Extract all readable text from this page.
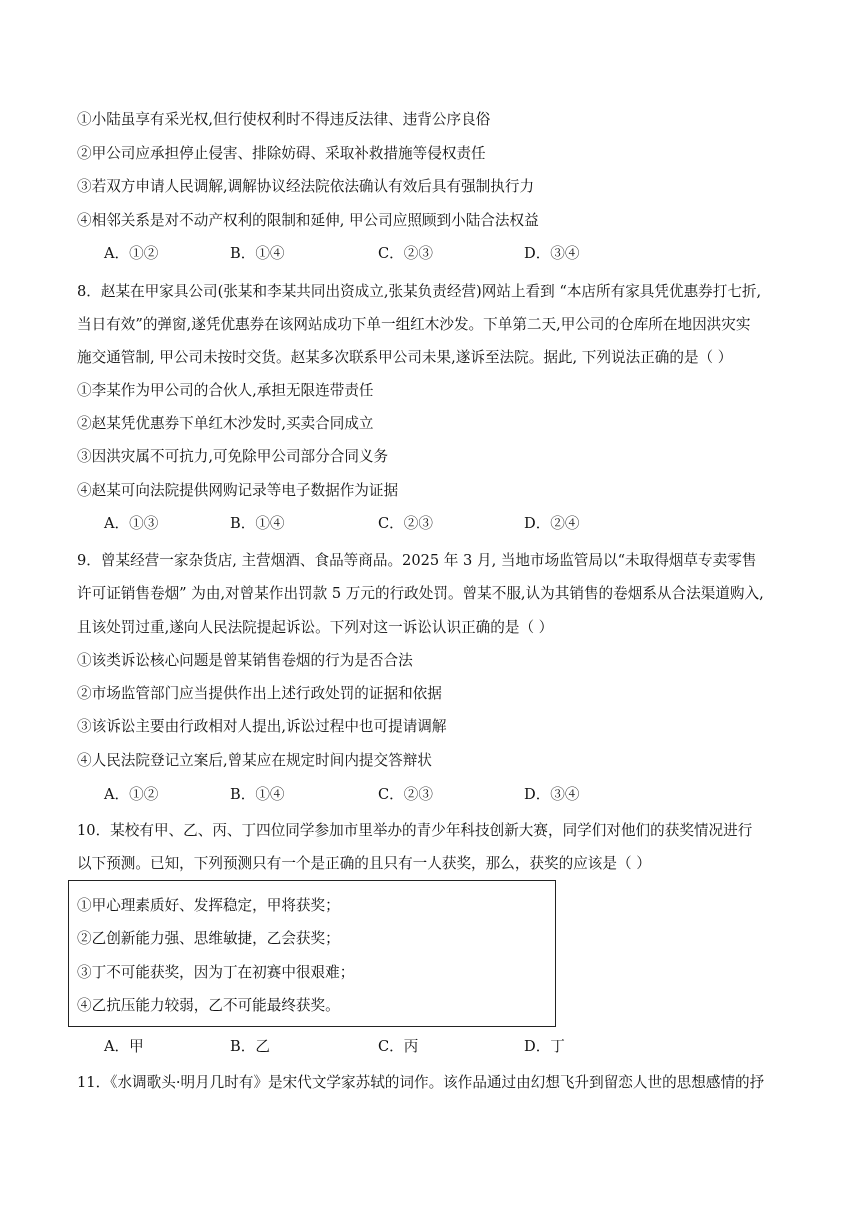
①小陆虽享有采光权,但行使权利时不得违反法律、违背公序良俗
②甲公司应承担停止侵害、排除妨碍、采取补救措施等侵权责任
③若双方申请人民调解,调解协议经法院依法确认有效后具有强制执行力
④相邻关系是对不动产权利的限制和延伸, 甲公司应照顾到小陆合法权益
A．①②	B．①④	C．②③	D．③④
8．赵某在甲家具公司(张某和李某共同出资成立,张某负责经营)网站上看到 “本店所有家具凭优惠券打七折,
当日有效”的弹窗,遂凭优惠券在该网站成功下单一组红木沙发。下单第二天,甲公司的仓库所在地因洪灾实
施交通管制, 甲公司未按时交货。赵某多次联系甲公司未果,遂诉至法院。据此, 下列说法正确的是（ ）
①李某作为甲公司的合伙人,承担无限连带责任
②赵某凭优惠券下单红木沙发时,买卖合同成立
③因洪灾属不可抗力,可免除甲公司部分合同义务
④赵某可向法院提供网购记录等电子数据作为证据
A．①③	B．①④	C．②③	D．②④
9．曾某经营一家杂货店, 主营烟酒、食品等商品。2025 年 3 月, 当地市场监管局以“未取得烟草专卖零售
许可证销售卷烟” 为由,对曾某作出罚款 5 万元的行政处罚。曾某不服,认为其销售的卷烟系从合法渠道购入,
且该处罚过重,遂向人民法院提起诉讼。下列对这一诉讼认识正确的是（ ）
①该类诉讼核心问题是曾某销售卷烟的行为是否合法
②市场监管部门应当提供作出上述行政处罚的证据和依据
③该诉讼主要由行政相对人提出,诉讼过程中也可提请调解
④人民法院登记立案后,曾某应在规定时间内提交答辩状
A．①②	B．①④	C．②③	D．③④
10．某校有甲、乙、丙、丁四位同学参加市里举办的青少年科技创新大赛，同学们对他们的获奖情况进行
以下预测。已知，下列预测只有一个是正确的且只有一人获奖，那么，获奖的应该是（ ）
①甲心理素质好、发挥稳定，甲将获奖；
②乙创新能力强、思维敏捷，乙会获奖；
③丁不可能获奖，因为丁在初赛中很艰难；
④乙抗压能力较弱，乙不可能最终获奖。
A．甲	B．乙	C．丙	D．丁
11．《水调歌头·明月几时有》是宋代文学家苏轼的词作。该作品通过由幻想飞升到留恋人世的思想感情的抒
